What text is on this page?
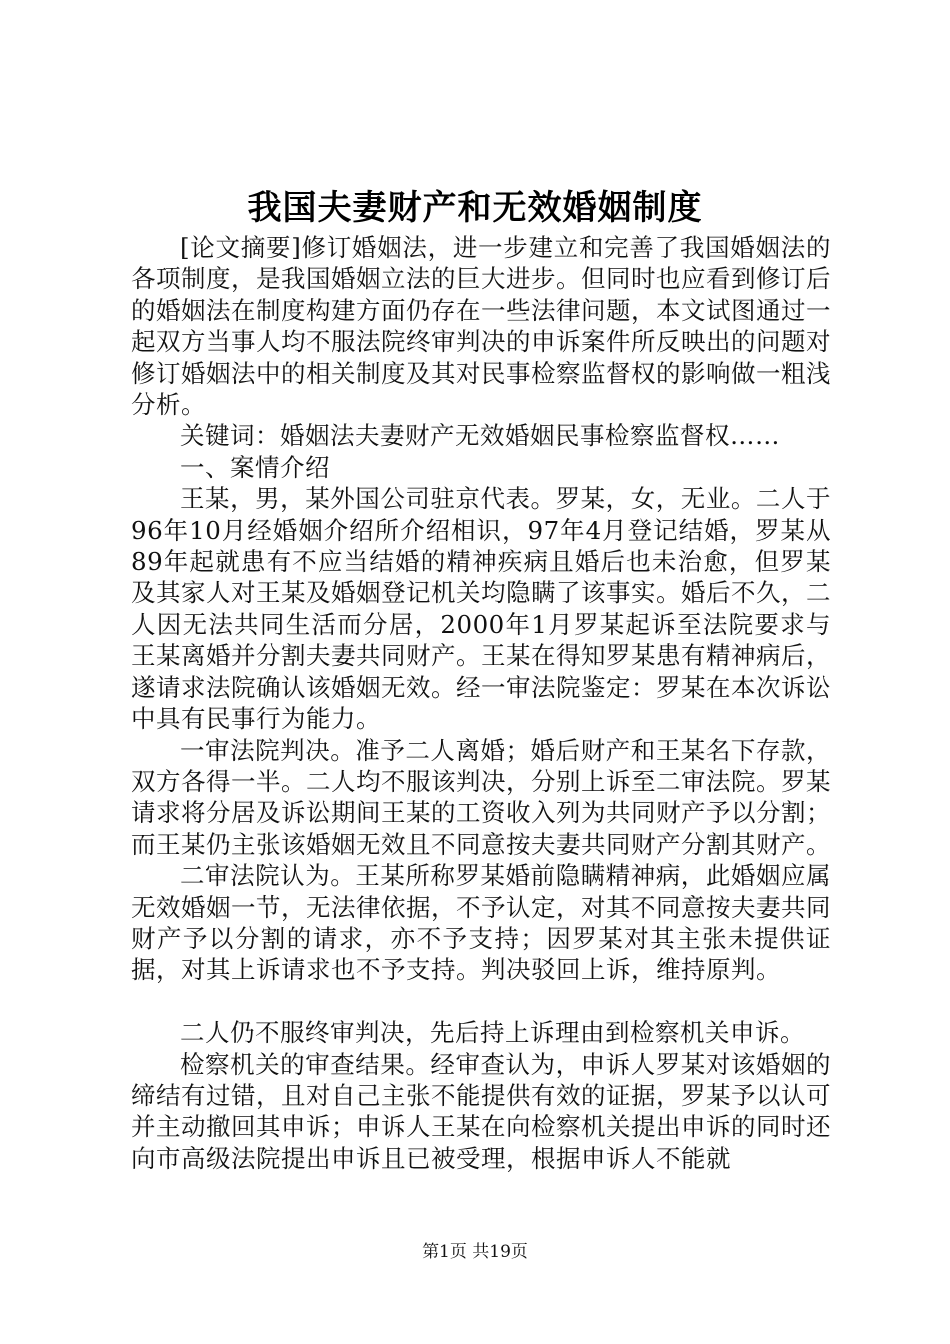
我国夫妻财产和无效婚姻制度

[论文摘要]修订婚姻法，进一步建立和完善了我国婚姻法的各项制度，是我国婚姻立法的巨大进步。但同时也应看到修订后的婚姻法在制度构建方面仍存在一些法律问题，本文试图通过一起双方当事人均不服法院终审判决的申诉案件所反映出的问题对修订婚姻法中的相关制度及其对民事检察监督权的影响做一粗浅分析。

关键词：婚姻法夫妻财产无效婚姻民事检察监督权……

一、案情介绍

王某，男，某外国公司驻京代表。罗某，女，无业。二人于96年10月经婚姻介绍所介绍相识，97年4月登记结婚，罗某从89年起就患有不应当结婚的精神疾病且婚后也未治愈，但罗某及其家人对王某及婚姻登记机关均隐瞒了该事实。婚后不久，二人因无法共同生活而分居，2000年1月罗某起诉至法院要求与王某离婚并分割夫妻共同财产。王某在得知罗某患有精神病后，遂请求法院确认该婚姻无效。经一审法院鉴定：罗某在本次诉讼中具有民事行为能力。

一审法院判决。准予二人离婚；婚后财产和王某名下存款，双方各得一半。二人均不服该判决，分别上诉至二审法院。罗某请求将分居及诉讼期间王某的工资收入列为共同财产予以分割；而王某仍主张该婚姻无效且不同意按夫妻共同财产分割其财产。

二审法院认为。王某所称罗某婚前隐瞒精神病，此婚姻应属无效婚姻一节，无法律依据，不予认定，对其不同意按夫妻共同财产予以分割的请求，亦不予支持；因罗某对其主张未提供证据，对其上诉请求也不予支持。判决驳回上诉，维持原判。

二人仍不服终审判决，先后持上诉理由到检察机关申诉。

检察机关的审查结果。经审查认为，申诉人罗某对该婚姻的缔结有过错，且对自己主张不能提供有效的证据，罗某予以认可并主动撤回其申诉；申诉人王某在向检察机关提出申诉的同时还向市高级法院提出申诉且已被受理，根据申诉人不能就

第1页 共19页
